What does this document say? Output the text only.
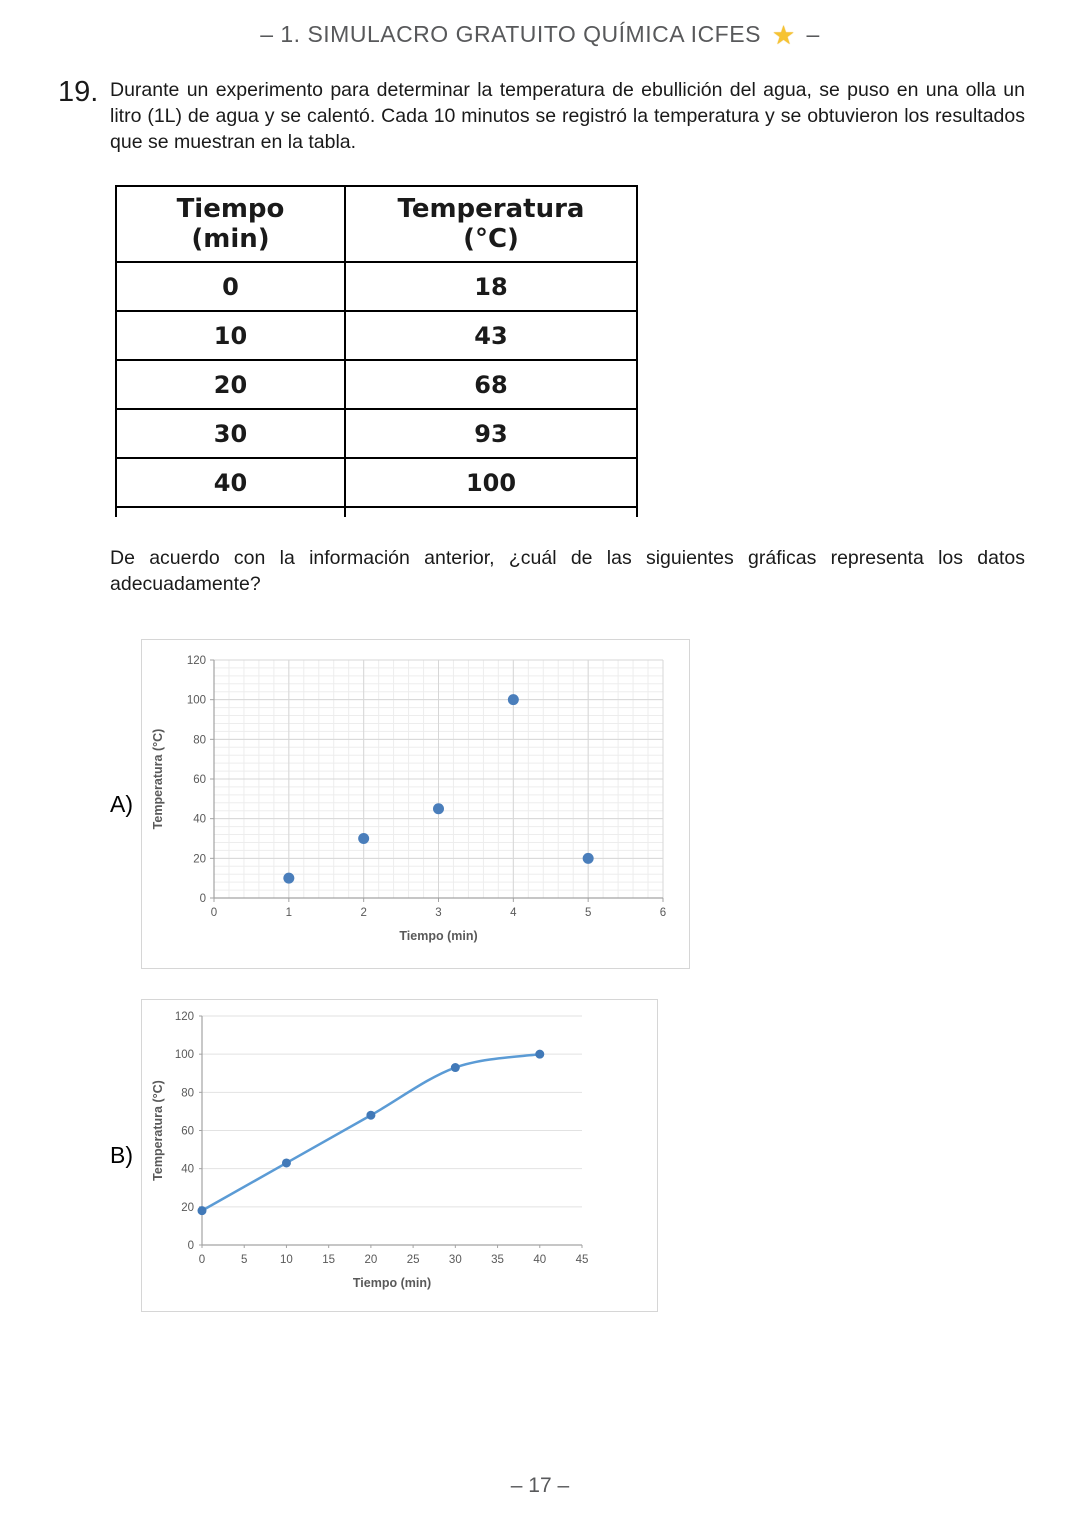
– 1. SIMULACRO GRATUITO QUÍMICA ICFES ★ –
19. Durante un experimento para determinar la temperatura de ebullición del agua, se puso en una olla un litro (1L) de agua y se calentó. Cada 10 minutos se registró la temperatura y se obtuvieron los resultados que se muestran en la tabla.
Tiempo (min)	Temperatura (°C)
0	18
10	43
20	68
30	93
40	100

De acuerdo con la información anterior, ¿cuál de las siguientes gráficas representa los datos adecuadamente?

A)
0	1	2	3	4	5	6
0
20
40
60
80
100
120
Tiempo (min)
Temperatura (°C)
B)
0	5	10	15	20	25	30	35	40	45
0
20
40
60
80
100
120
Tiempo (min)
Temperatura (°C)
– 17 –
